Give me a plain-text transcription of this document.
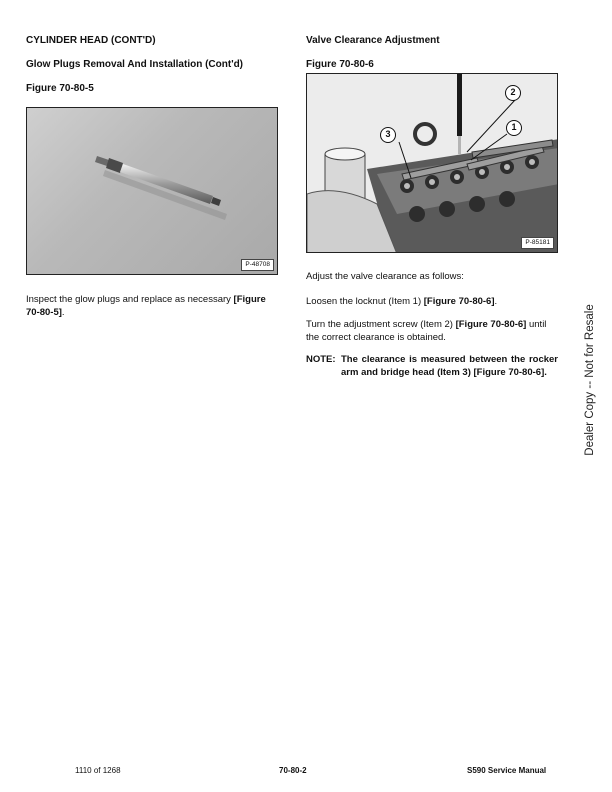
CYLINDER HEAD (CONT'D)
Glow Plugs Removal And Installation (Cont'd)
Figure 70-80-5
P-48708
Inspect the glow plugs and replace as necessary [Figure 70-80-5].
Valve Clearance Adjustment
Figure 70-80-6
2
1
3
P-85181
Adjust the valve clearance as follows:
Loosen the locknut (Item 1) [Figure 70-80-6].
Turn the adjustment screw (Item 2) [Figure 70-80-6] until the correct clearance is obtained.
NOTE: The clearance is measured between the rocker arm and bridge head (Item 3) [Figure 70-80-6].	Dealer Copy -- Not for Resale
1110 of 1268	70-80-2	S590 Service Manual
